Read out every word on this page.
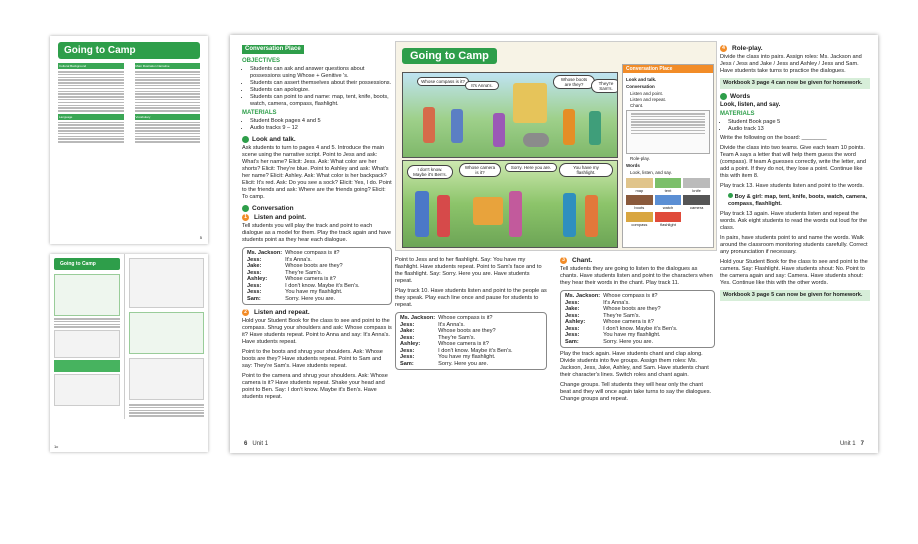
Going to Camp
Cultural Background
Language
Main Illustration Narrative
Vocabulary
5
Going to Camp
1c
Conversation Place
OBJECTIVES
• Students can ask and answer questions about possessions using Whose + Genitive 's.
• Students can assert themselves about their possessions.
• Students can apologize.
• Students can point to and name: map, tent, knife, boots, watch, camera, compass, flashlight.
MATERIALS
• Student Book pages 4 and 5
• Audio tracks 9 – 12
Look and talk.

Ask students to turn to pages 4 and 5. Introduce the main scene using the narrative script. Point to Jess and ask: What's her name? Elicit: Jess. Ask: What color are her shorts? Elicit: They're blue. Point to Ashley and ask: What's her name? Elicit: Ashley. Ask: What color is her backpack? Elicit: It's red. Ask: Do you see a sock? Elicit: Yes, I do. Point to the friends and ask: Where are the friends going? Elicit: To camp.

Conversation
1	Listen and point.

Tell students you will play the track and point to each dialogue as a model for them. Play the track again and have students point as they hear each dialogue.

Ms. Jackson:	Whose compass is it?
Jess:	It's Anna's.
Jake:	Whose boots are they?
Jess:	They're Sam's.
Ashley:	Whose camera is it?
Jess:	I don't know. Maybe it's Ben's.
Jess:	You have my flashlight.
Sam:	Sorry. Here you are.
2	Listen and repeat.

Hold your Student Book for the class to see and point to the compass. Shrug your shoulders and ask: Whose compass is it? Have students repeat. Point to Anna and say: It's Anna's. Have students repeat.

Point to the boots and shrug your shoulders. Ask: Whose boots are they? Have students repeat. Point to Sam and say: They're Sam's. Have students repeat.

Point to the camera and shrug your shoulders. Ask: Whose camera is it? Have students repeat. Shake your head and point to Ben. Say: I don't know. Maybe it's Ben's. Have students repeat.

6 Unit 1
Going to Camp
Whose compass is it?
It's Anna's.
Whose boots are they?	They're Sam's.
I don't know. Maybe it's Ben's.
Whose camera is it?
Sorry. Here you are.	You have my flashlight.
Conversation Place
Look and talk.
Conversation
Listen and point.
Listen and repeat.
Chant.
Role-play.
Words
Look, listen, and say.
map	tent	knife
boots	watch	camera
compass	flashlight

Point to Jess and to her flashlight. Say: You have my flashlight. Have students repeat. Point to Sam's face and to the flashlight. Say: Sorry. Here you are. Have students repeat.

Play track 10. Have students listen and point to the people as they speak. Play each line once and pause for students to repeat.

Ms. Jackson:	Whose compass is it?
Jess:	It's Anna's.
Jake:	Whose boots are they?
Jess:	They're Sam's.
Ashley:	Whose camera is it?
Jess:	I don't know. Maybe it's Ben's.
Jess:	You have my flashlight.
Sam:	Sorry. Here you are.
3	Chant.

Tell students they are going to listen to the dialogues as chants. Have students listen and point to the characters when they hear their words in the chant. Play track 11.

Ms. Jackson:	Whose compass is it?
Jess:	It's Anna's.
Jake:	Whose boots are they?
Jess:	They're Sam's.
Ashley:	Whose camera is it?
Jess:	I don't know. Maybe it's Ben's.
Jess:	You have my flashlight.
Sam:	Sorry. Here you are.

Play the track again. Have students chant and clap along. Divide students into five groups. Assign them roles: Ms. Jackson, Jess, Jake, Ashley, and Sam. Have students chant their character's lines. Switch roles and chant again.

Change groups. Tell students they will hear only the chant beat and they will once again take turns to say the dialogues. Change groups and repeat.

4	Role-play.

Divide the class into pairs. Assign roles: Ms. Jackson and Jess / Jess and Jake / Jess and Ashley / Jess and Sam. Have students take turns to practice the dialogues.

Workbook 3 page 4 can now be given for homework.
Words
Look, listen, and say.
MATERIALS
• Student Book page 5
• Audio track 13

Write the following on the board: ________

Divide the class into two teams. Give each team 10 points. Team A says a letter that will help them guess the word (compass). If team A guesses correctly, write the letter, and add a point. If they do not, they lose a point. Continue like this with item 8.

Play track 13. Have students listen and point to the words.

Boy & girl: map, tent, knife, boots, watch, camera, compass, flashlight.

Play track 13 again. Have students listen and repeat the words. Ask eight students to read the words out loud for the class.

In pairs, have students point to and name the words. Walk around the classroom monitoring students carefully. Correct any pronunciation if necessary.

Hold your Student Book for the class to see and point to the camera. Say: Flashlight. Have students shout: No. Point to the camera again and say: Camera. Have students shout: Yes. Continue like this with the other words.

Workbook 3 page 5 can now be given for homework.
Unit 1 7
